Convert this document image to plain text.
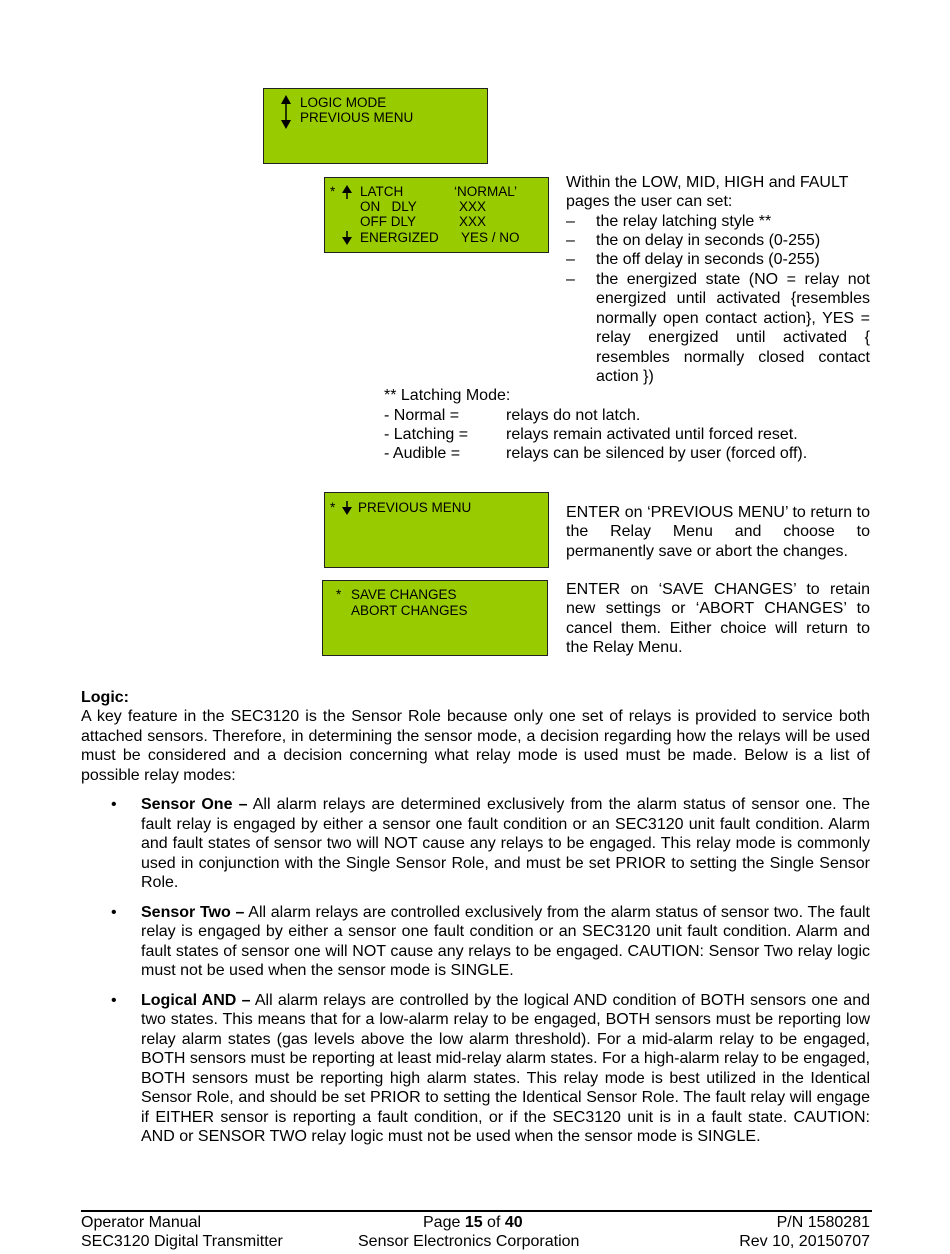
LOGIC MODE
PREVIOUS MENU
* LATCH	‘NORMAL’
ON   DLY	XXX
OFF DLY	XXX
ENERGIZED YES / NO
Within the LOW, MID, HIGH and FAULT
pages the user can set:
– the relay latching style **
– the on delay in seconds (0-255)
– the off delay in seconds (0-255)
– the energized state (NO = relay not energized until activated {resembles normally open contact action}, YES = relay energized until activated { resembles normally closed contact action })
** Latching Mode:
- Normal =	relays do not latch.
- Latching = relays remain activated until forced reset.
- Audible =	relays can be silenced by user (forced off).
* PREVIOUS MENU	ENTER on ‘PREVIOUS MENU’ to return to the Relay Menu and choose to permanently save or abort the changes.
* SAVE CHANGES
ABORT CHANGES
ENTER on ‘SAVE CHANGES’ to retain new settings or ‘ABORT CHANGES’ to cancel them. Either choice will return to the Relay Menu.
Logic:
A key feature in the SEC3120 is the Sensor Role because only one set of relays is provided to service both attached sensors. Therefore, in determining the sensor mode, a decision regarding how the relays will be used must be considered and a decision concerning what relay mode is used must be made. Below is a list of possible relay modes:
• Sensor One – All alarm relays are determined exclusively from the alarm status of sensor one. The fault relay is engaged by either a sensor one fault condition or an SEC3120 unit fault condition. Alarm and fault states of sensor two will NOT cause any relays to be engaged. This relay mode is commonly used in conjunction with the Single Sensor Role, and must be set PRIOR to setting the Single Sensor Role.
• Sensor Two – All alarm relays are controlled exclusively from the alarm status of sensor two. The fault relay is engaged by either a sensor one fault condition or an SEC3120 unit fault condition. Alarm and fault states of sensor one will NOT cause any relays to be engaged. CAUTION: Sensor Two relay logic must not be used when the sensor mode is SINGLE.
• Logical AND – All alarm relays are controlled by the logical AND condition of BOTH sensors one and two states. This means that for a low-alarm relay to be engaged, BOTH sensors must be reporting low relay alarm states (gas levels above the low alarm threshold). For a mid-alarm relay to be engaged, BOTH sensors must be reporting at least mid-relay alarm states. For a high-alarm relay to be engaged, BOTH sensors must be reporting high alarm states. This relay mode is best utilized in the Identical Sensor Role, and should be set PRIOR to setting the Identical Sensor Role. The fault relay will engage if EITHER sensor is reporting a fault condition, or if the SEC3120 unit is in a fault state. CAUTION: AND or SENSOR TWO relay logic must not be used when the sensor mode is SINGLE.
Operator Manual
SEC3120 Digital Transmitter
Page 15 of 40
Sensor Electronics Corporation
P/N 1580281
Rev 10, 20150707
